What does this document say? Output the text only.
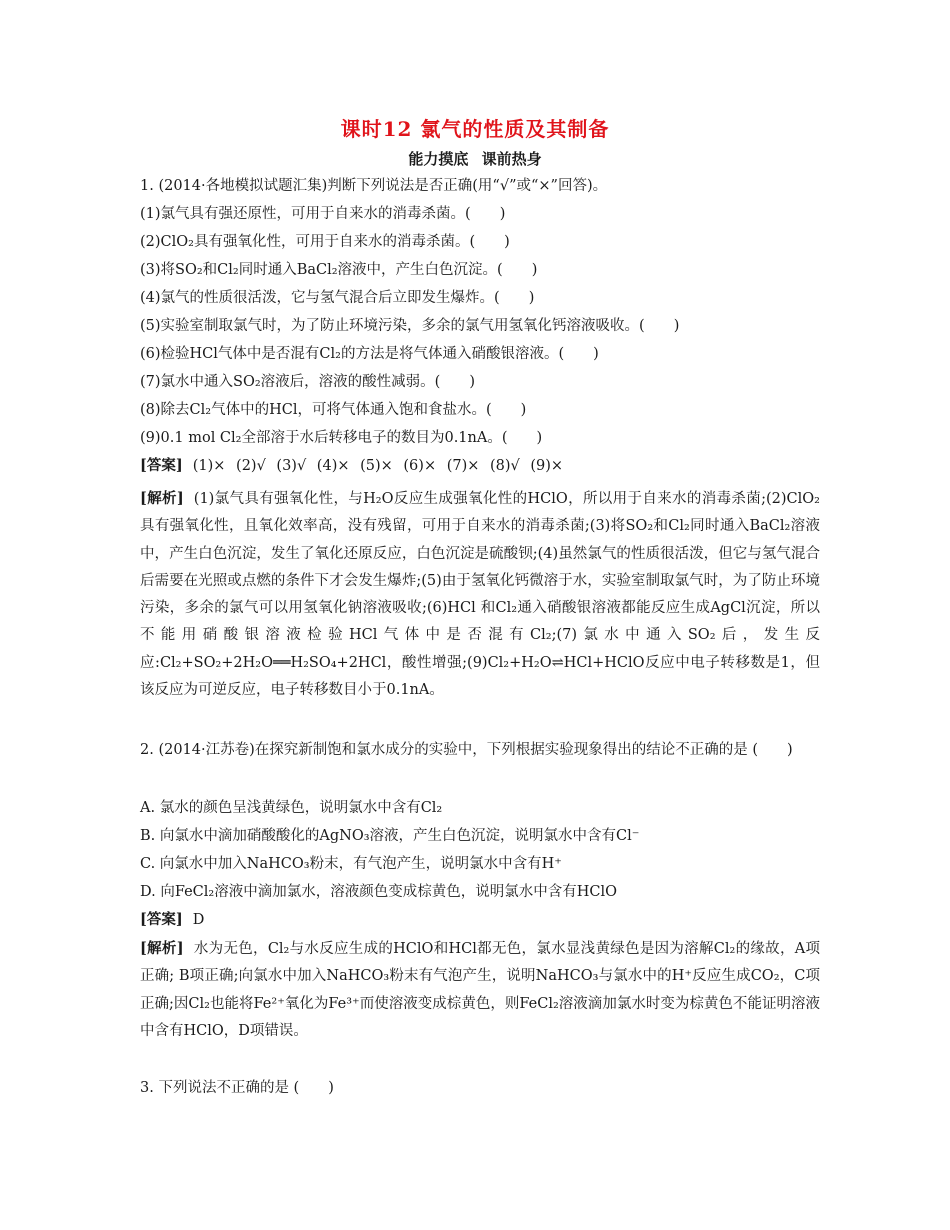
课时12 氯气的性质及其制备
能力摸底 课前热身
1. (2014·各地模拟试题汇集)判断下列说法是否正确(用“√”或“×”回答)。
(1)氯气具有强还原性，可用于自来水的消毒杀菌。(　　)
(2)ClO₂具有强氧化性，可用于自来水的消毒杀菌。(　　)
(3)将SO₂和Cl₂同时通入BaCl₂溶液中，产生白色沉淀。(　　)
(4)氯气的性质很活泼，它与氢气混合后立即发生爆炸。(　　)
(5)实验室制取氯气时，为了防止环境污染，多余的氯气用氢氧化钙溶液吸收。(　　)
(6)检验HCl气体中是否混有Cl₂的方法是将气体通入硝酸银溶液。(　　)
(7)氯水中通入SO₂溶液后，溶液的酸性减弱。(　　)
(8)除去Cl₂气体中的HCl，可将气体通入饱和食盐水。(　　)
(9)0.1 mol Cl₂全部溶于水后转移电子的数目为0.1nA。(　　)
[答案] (1)× (2)√ (3)√ (4)× (5)× (6)× (7)× (8)√ (9)×
[解析] (1)氯气具有强氧化性，与H₂O反应生成强氧化性的HClO，所以用于自来水的消毒杀菌;(2)ClO₂具有强氧化性，且氧化效率高，没有残留，可用于自来水的消毒杀菌;(3)将SO₂和Cl₂同时通入BaCl₂溶液中，产生白色沉淀，发生了氧化还原反应，白色沉淀是硫酸钡;(4)虽然氯气的性质很活泼，但它与氢气混合后需要在光照或点燃的条件下才会发生爆炸;(5)由于氢氧化钙微溶于水，实验室制取氯气时，为了防止环境污染，多余的氯气可以用氢氧化钠溶液吸收;(6)HCl 和Cl₂通入硝酸银溶液都能反应生成AgCl沉淀，所以不能用硝酸银溶液检验HCl气体中是否混有Cl₂;(7)氯水中通入SO₂后，发生反应:Cl₂+SO₂+2H₂O══H₂SO₄+2HCl，酸性增强;(9)Cl₂+H₂O⇌HCl+HClO反应中电子转移数是1，但该反应为可逆反应，电子转移数目小于0.1nA。
2. (2014·江苏卷)在探究新制饱和氯水成分的实验中，下列根据实验现象得出的结论不正确的是 (　　)
A. 氯水的颜色呈浅黄绿色，说明氯水中含有Cl₂
B. 向氯水中滴加硝酸酸化的AgNO₃溶液，产生白色沉淀，说明氯水中含有Cl⁻
C. 向氯水中加入NaHCO₃粉末，有气泡产生，说明氯水中含有H⁺
D. 向FeCl₂溶液中滴加氯水，溶液颜色变成棕黄色，说明氯水中含有HClO
[答案] D
[解析] 水为无色，Cl₂与水反应生成的HClO和HCl都无色，氯水显浅黄绿色是因为溶解Cl₂的缘故，A项正确; B项正确;向氯水中加入NaHCO₃粉末有气泡产生，说明NaHCO₃与氯水中的H⁺反应生成CO₂，C项正确;因Cl₂也能将Fe²⁺氧化为Fe³⁺而使溶液变成棕黄色，则FeCl₂溶液滴加氯水时变为棕黄色不能证明溶液中含有HClO，D项错误。
3. 下列说法不正确的是 (　　)
